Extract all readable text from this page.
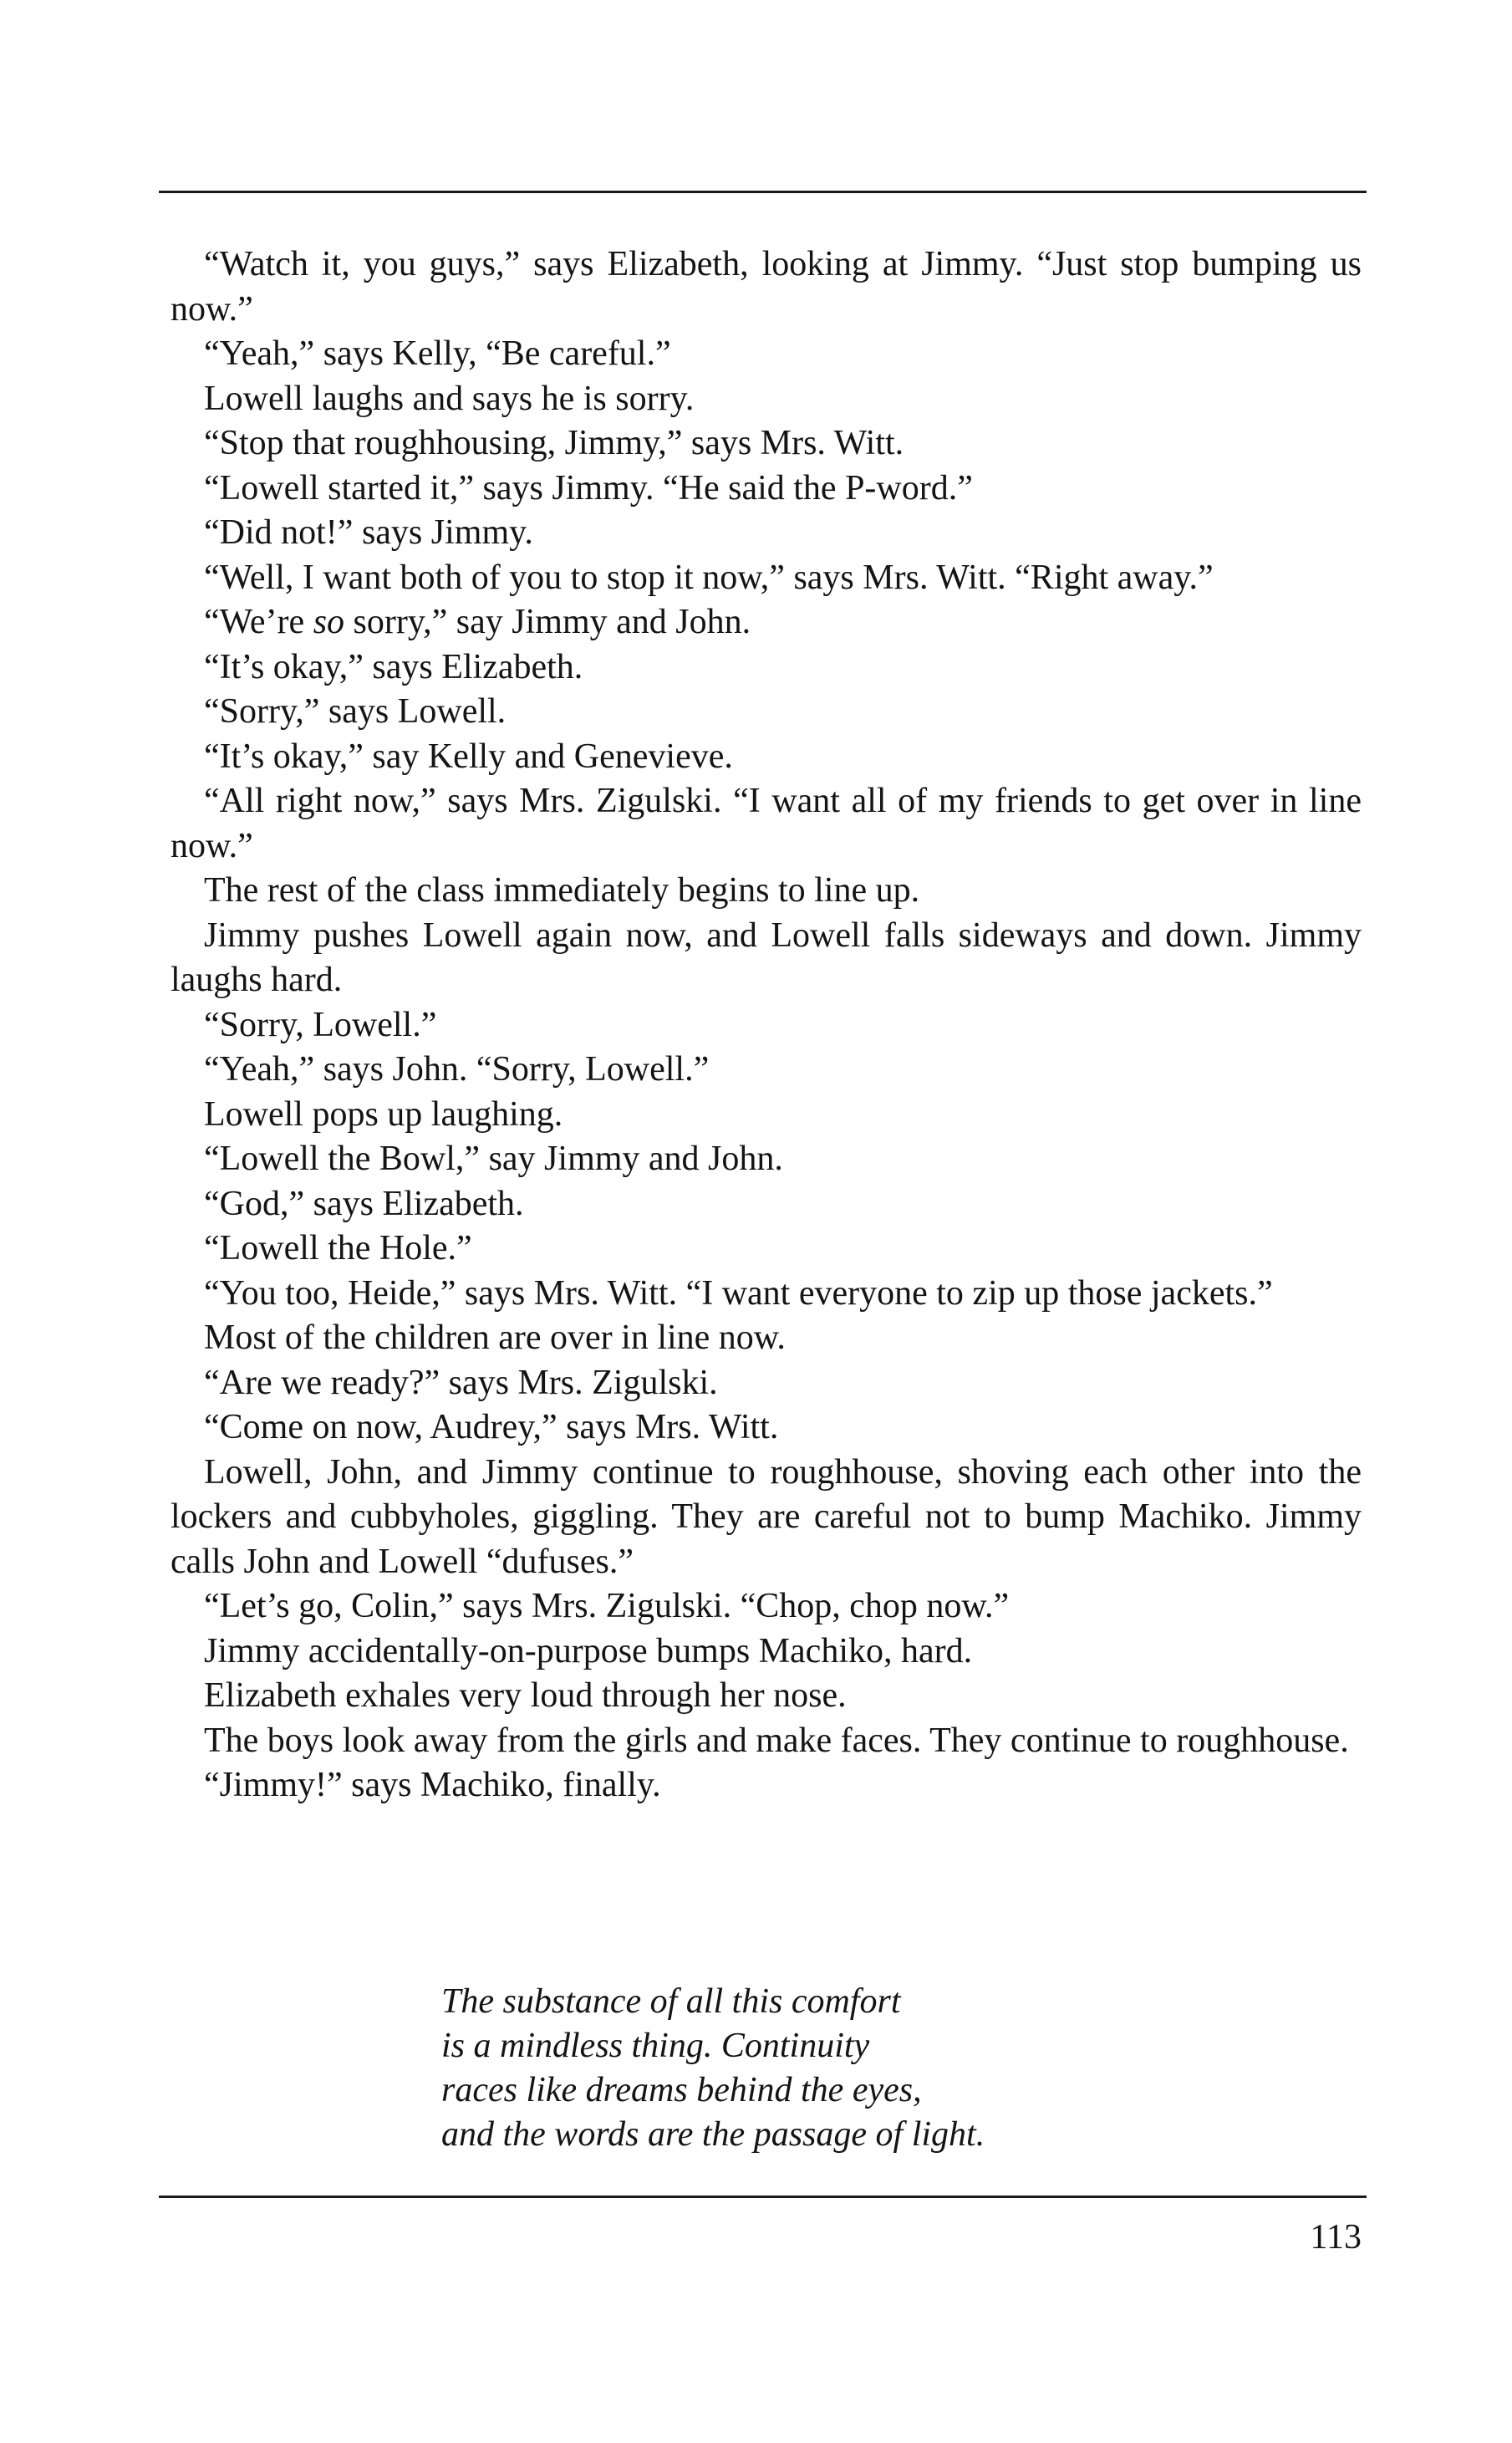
“Watch it, you guys,” says Elizabeth, looking at Jimmy. “Just stop bumping us now.”

“Yeah,” says Kelly, “Be careful.”

Lowell laughs and says he is sorry.

“Stop that roughhousing, Jimmy,” says Mrs. Witt.

“Lowell started it,” says Jimmy. “He said the P-word.”

“Did not!” says Jimmy.

“Well, I want both of you to stop it now,” says Mrs. Witt. “Right away.”

“We’re so sorry,” say Jimmy and John.

“It’s okay,” says Elizabeth.

“Sorry,” says Lowell.

“It’s okay,” say Kelly and Genevieve.

“All right now,” says Mrs. Zigulski. “I want all of my friends to get over in line now.”

The rest of the class immediately begins to line up.

Jimmy pushes Lowell again now, and Lowell falls sideways and down. Jimmy laughs hard.

“Sorry, Lowell.”

“Yeah,” says John. “Sorry, Lowell.”

Lowell pops up laughing.

“Lowell the Bowl,” say Jimmy and John.

“God,” says Elizabeth.

“Lowell the Hole.”

“You too, Heide,” says Mrs. Witt. “I want everyone to zip up those jackets.”

Most of the children are over in line now.

“Are we ready?” says Mrs. Zigulski.

“Come on now, Audrey,” says Mrs. Witt.

Lowell, John, and Jimmy continue to roughhouse, shoving each other into the lockers and cubbyholes, giggling. They are careful not to bump Machiko. Jimmy calls John and Lowell “dufuses.”

“Let’s go, Colin,” says Mrs. Zigulski. “Chop, chop now.”

Jimmy accidentally-on-purpose bumps Machiko, hard.

Elizabeth exhales very loud through her nose.

The boys look away from the girls and make faces. They continue to roughhouse.

“Jimmy!” says Machiko, finally.

The substance of all this comfort
is a mindless thing. Continuity
races like dreams behind the eyes,
and the words are the passage of light.
113
